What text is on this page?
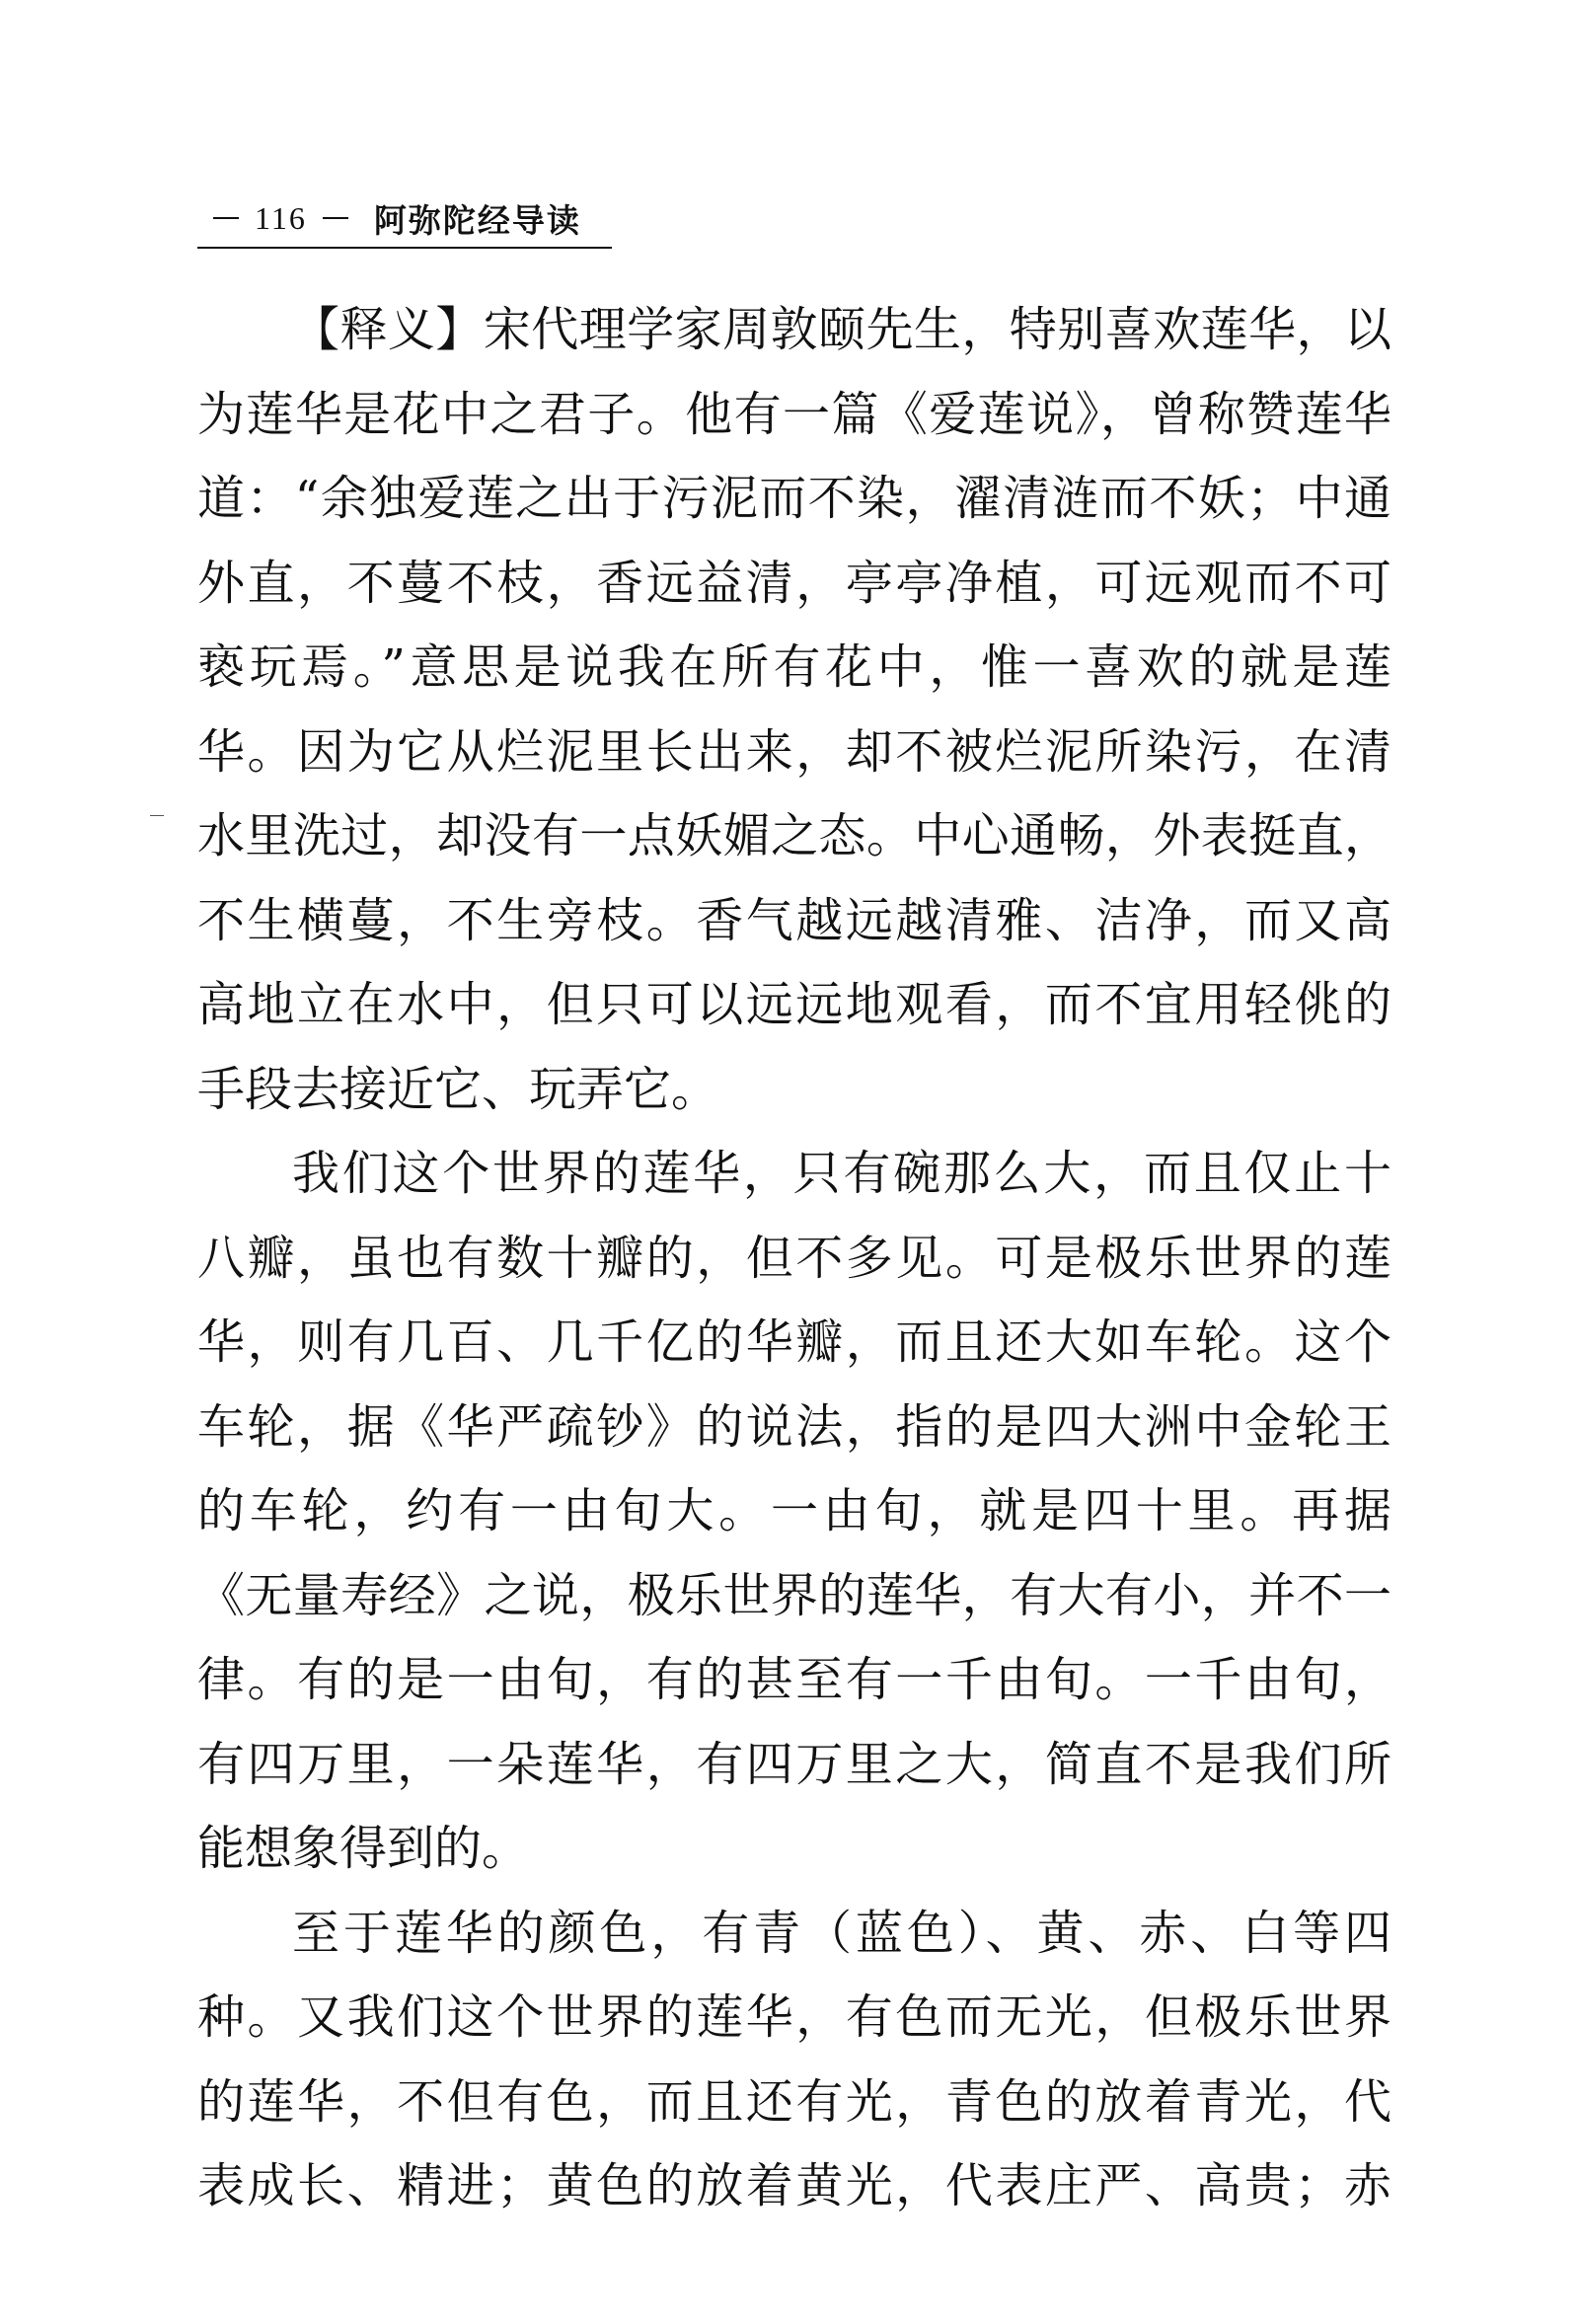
116 阿弥陀经导读
【释义】宋代理学家周敦颐先生，特别喜欢莲华，以
为莲华是花中之君子。他有一篇《爱莲说》，曾称赞莲华
道：“余独爱莲之出于污泥而不染，濯清涟而不妖；中通
外直，不蔓不枝，香远益清，亭亭净植，可远观而不可
亵玩焉。”意思是说我在所有花中，惟一喜欢的就是莲
华。因为它从烂泥里长出来，却不被烂泥所染污，在清
水里洗过，却没有一点妖媚之态。中心通畅，外表挺直，
不生横蔓，不生旁枝。香气越远越清雅、洁净，而又高
高地立在水中，但只可以远远地观看，而不宜用轻佻的
手段去接近它、玩弄它。
我们这个世界的莲华，只有碗那么大，而且仅止十
八瓣，虽也有数十瓣的，但不多见。可是极乐世界的莲
华，则有几百、几千亿的华瓣，而且还大如车轮。这个
车轮，据《华严疏钞》的说法，指的是四大洲中金轮王
的车轮，约有一由旬大。一由旬，就是四十里。再据
《无量寿经》之说，极乐世界的莲华，有大有小，并不一
律。有的是一由旬，有的甚至有一千由旬。一千由旬，
有四万里，一朵莲华，有四万里之大，简直不是我们所
能想象得到的。
至于莲华的颜色，有青（蓝色）、黄、赤、白等四
种。又我们这个世界的莲华，有色而无光，但极乐世界
的莲华，不但有色，而且还有光，青色的放着青光，代
表成长、精进；黄色的放着黄光，代表庄严、高贵；赤
